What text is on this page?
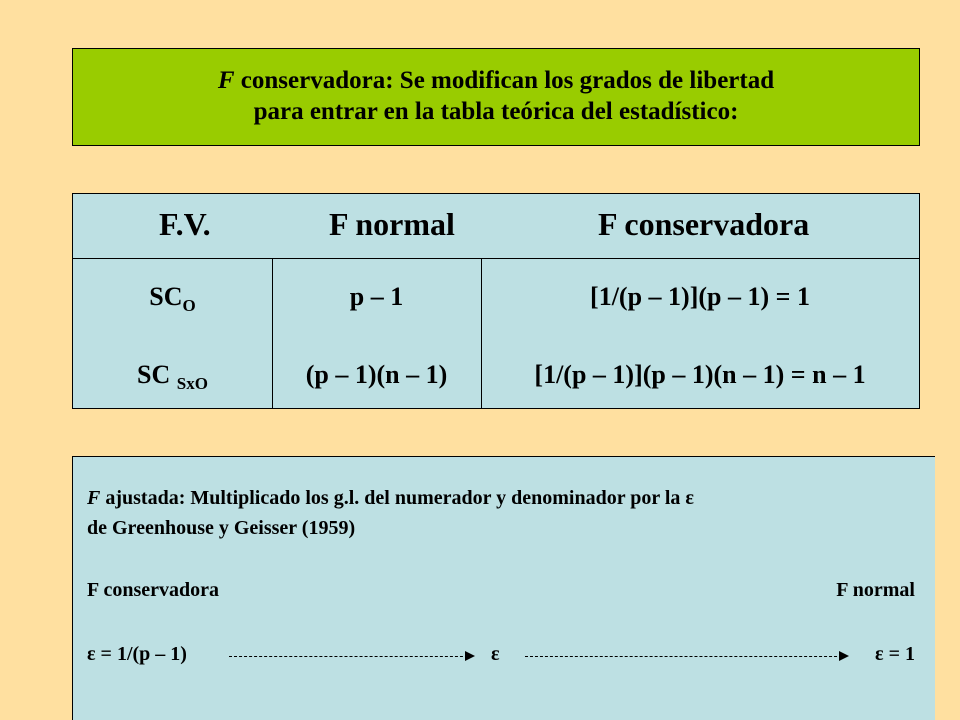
F conservadora: Se modifican los grados de libertad
para entrar en la tabla teórica del estadístico:
F.V.	F normal	F conservadora
$SC_O$	p – 1	[1/(p – 1)](p – 1) = 1
SC $_{SxO}$	(p – 1)(n – 1)	[1/(p – 1)](p – 1)(n – 1) = n – 1
F ajustada: Multiplicado los g.l. del numerador y denominador por la ε
de Greenhouse y Geisser (1959)
F conservadora	F normal
ε = 1/(p – 1)	ε	ε = 1
